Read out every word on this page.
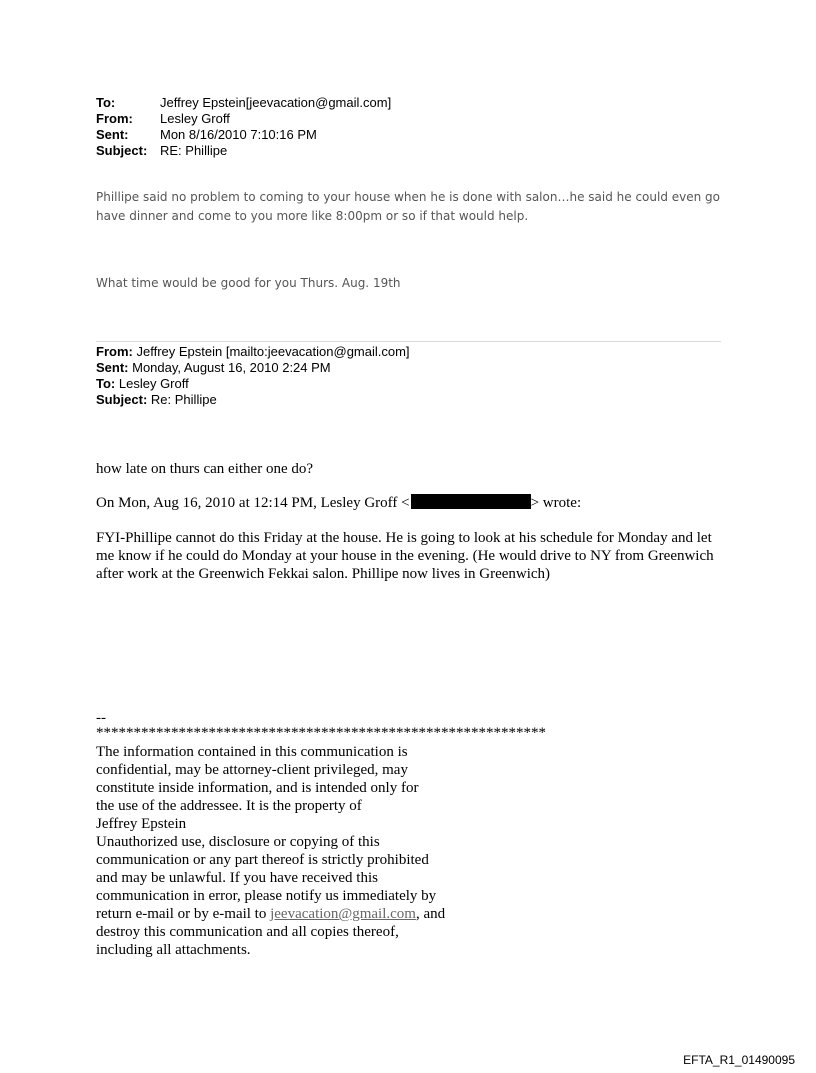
To:	Jeffrey Epstein[jeevacation@gmail.com]
From:	Lesley Groff
Sent:	Mon 8/16/2010 7:10:16 PM
Subject: RE: Phillipe
Phillipe said no problem to coming to your house when he is done with salon…he said he could even go have dinner and come to you more like 8:00pm or so if that would help.
What time would be good for you Thurs. Aug. 19th
From: Jeffrey Epstein [mailto:jeevacation@gmail.com]
Sent: Monday, August 16, 2010 2:24 PM
To: Lesley Groff
Subject: Re: Phillipe
how late on thurs can either one do?
On Mon, Aug 16, 2010 at 12:14 PM, Lesley Groff <	> wrote:
FYI-Phillipe cannot do this Friday at the house. He is going to look at his schedule for Monday and let me know if he could do Monday at your house in the evening. (He would drive to NY from Greenwich after work at the Greenwich Fekkai salon. Phillipe now lives in Greenwich)
--
************************************************************
The information contained in this communication is
confidential, may be attorney-client privileged, may
constitute inside information, and is intended only for
the use of the addressee. It is the property of
Jeffrey Epstein
Unauthorized use, disclosure or copying of this
communication or any part thereof is strictly prohibited
and may be unlawful. If you have received this
communication in error, please notify us immediately by
return e-mail or by e-mail to jeevacation@gmail.com, and
destroy this communication and all copies thereof,
including all attachments.
EFTA_R1_01490095
